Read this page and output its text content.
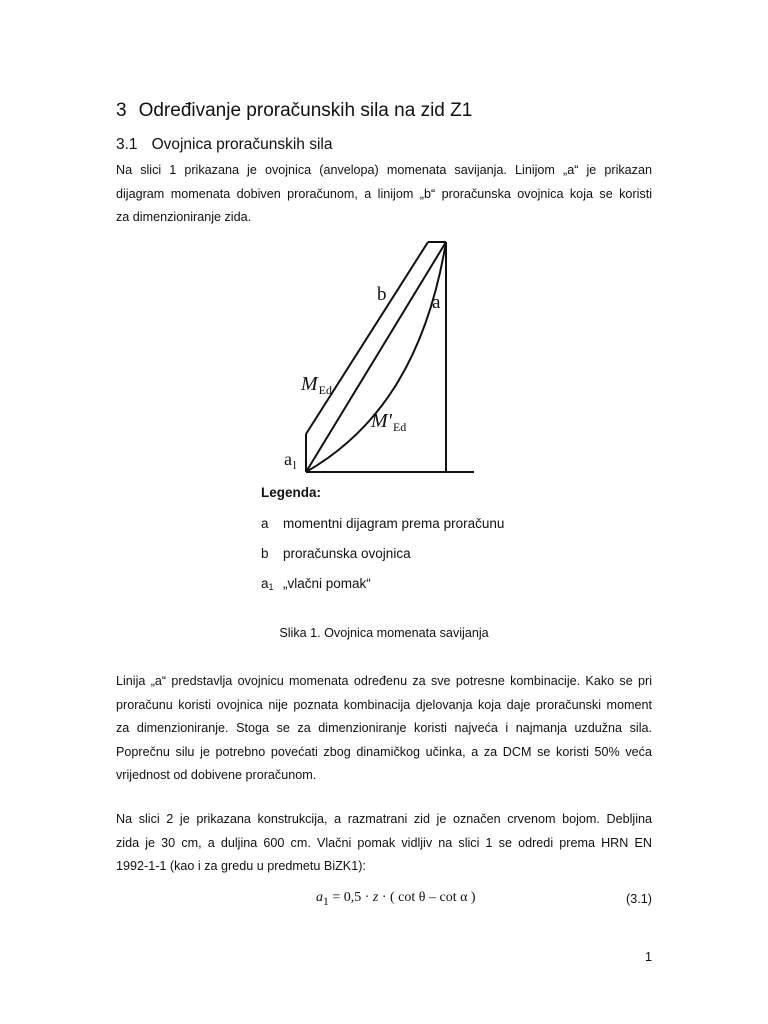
3 Određivanje proračunskih sila na zid Z1
3.1 Ovojnica proračunskih sila
Na slici 1 prikazana je ovojnica (anvelopa) momenata savijanja. Linijom „a“ je prikazan
dijagram momenata dobiven proračunom, a linijom „b“ proračunska ovojnica koja se koristi
za dimenzioniranje zida.
a
b
$M_{Ed}$
$M'_{Ed}$
$a_l$
Legenda:
a momentni dijagram prema proračunu
b proračunska ovojnica
a1 „vlačni pomak“
Slika 1. Ovojnica momenata savijanja
Linija „a“ predstavlja ovojnicu momenata određenu za sve potresne kombinacije. Kako se pri
proračunu koristi ovojnica nije poznata kombinacija djelovanja koja daje proračunski moment
za dimenzioniranje. Stoga se za dimenzioniranje koristi najveća i najmanja uzdužna sila.
Poprečnu silu je potrebno povećati zbog dinamičkog učinka, a za DCM se koristi 50% veća
vrijednost od dobivene proračunom.
Na slici 2 je prikazana konstrukcija, a razmatrani zid je označen crvenom bojom. Debljina
zida je 30 cm, a duljina 600 cm. Vlačni pomak vidljiv na slici 1 se odredi prema HRN EN
1992-1-1 (kao i za gredu u predmetu BiZK1):
$a_1 = 0,5 \cdot z$ · ( cot θ – cot α )	(3.1)
1
